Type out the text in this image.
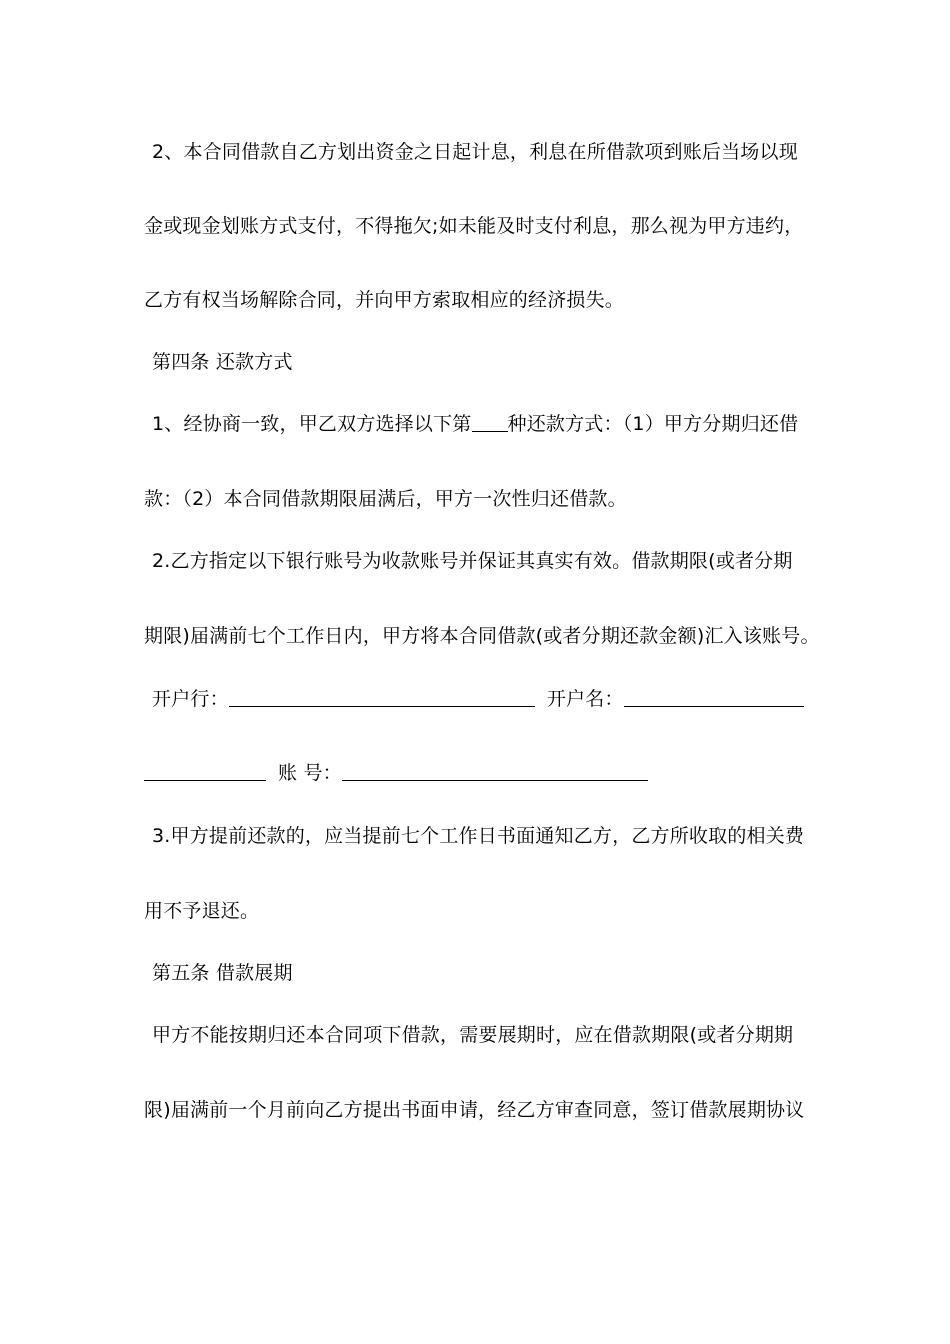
2、本合同借款自乙方划出资金之日起计息，利息在所借款项到账后当场以现
金或现金划账方式支付，不得拖欠;如未能及时支付利息，那么视为甲方违约，
乙方有权当场解除合同，并向甲方索取相应的经济损失。
第四条 还款方式
1、经协商一致，甲乙双方选择以下第 种还款方式：（1）甲方分期归还借
款：（2）本合同借款期限届满后，甲方一次性归还借款。
2.乙方指定以下银行账号为收款账号并保证其真实有效。借款期限(或者分期
期限)届满前七个工作日内，甲方将本合同借款(或者分期还款金额)汇入该账号。
开户行：	开户名：
账 号：
3.甲方提前还款的，应当提前七个工作日书面通知乙方，乙方所收取的相关费
用不予退还。
第五条 借款展期
甲方不能按期归还本合同项下借款，需要展期时，应在借款期限(或者分期期
限)届满前一个月前向乙方提出书面申请，经乙方审查同意，签订借款展期协议
